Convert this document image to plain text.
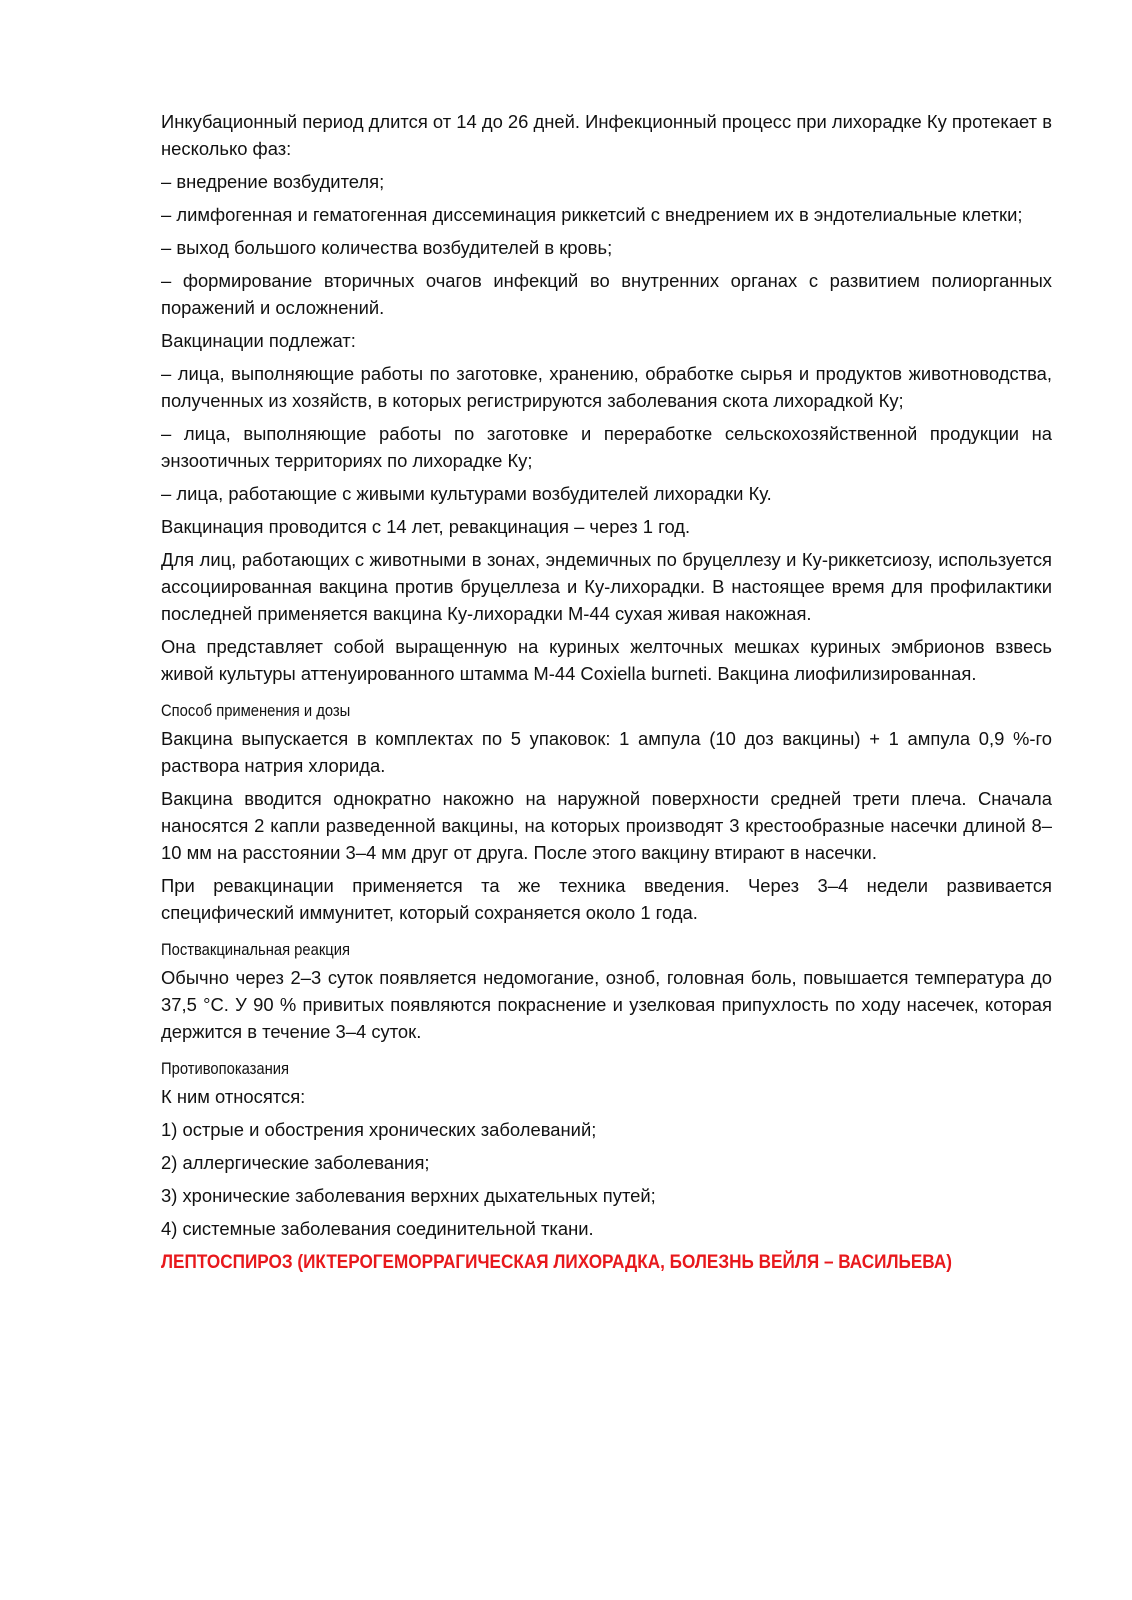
Инкубационный период длится от 14 до 26 дней. Инфекционный процесс при лихорадке Ку протекает в несколько фаз:

– внедрение возбудителя;

– лимфогенная и гематогенная диссеминация риккетсий с внедрением их в эндотелиальные клетки;

– выход большого количества возбудителей в кровь;

– формирование вторичных очагов инфекций во внутренних органах с развитием полиорганных поражений и осложнений.

Вакцинации подлежат:

– лица, выполняющие работы по заготовке, хранению, обработке сырья и продуктов животноводства, полученных из хозяйств, в которых регистрируются заболевания скота лихорадкой Ку;

– лица, выполняющие работы по заготовке и переработке сельскохозяйственной продукции на энзоотичных территориях по лихорадке Ку;

– лица, работающие с живыми культурами возбудителей лихорадки Ку.

Вакцинация проводится с 14 лет, ревакцинация – через 1 год.

Для лиц, работающих с животными в зонах, эндемичных по бруцеллезу и Ку-риккетсиозу, используется ассоциированная вакцина против бруцеллеза и Ку-лихорадки. В настоящее время для профилактики последней применяется вакцина Ку-лихорадки М-44 сухая живая накожная.

Она представляет собой выращенную на куриных желточных мешках куриных эмбрионов взвесь живой культуры аттенуированного штамма М-44 Coxiella burneti. Вакцина лиофилизированная.

Способ применения и дозы

Вакцина выпускается в комплектах по 5 упаковок: 1 ампула (10 доз вакцины) + 1 ампула 0,9 %-го раствора натрия хлорида.

Вакцина вводится однократно накожно на наружной поверхности средней трети плеча. Сначала наносятся 2 капли разведенной вакцины, на которых производят 3 крестообразные насечки длиной 8–10 мм на расстоянии 3–4 мм друг от друга. После этого вакцину втирают в насечки.

При ревакцинации применяется та же техника введения. Через 3–4 недели развивается специфический иммунитет, который сохраняется около 1 года.

Поствакцинальная реакция

Обычно через 2–3 суток появляется недомогание, озноб, головная боль, повышается температура до 37,5 °С. У 90 % привитых появляются покраснение и узелковая припухлость по ходу насечек, которая держится в течение 3–4 суток.

Противопоказания

К ним относятся:

1) острые и обострения хронических заболеваний;

2) аллергические заболевания;

3) хронические заболевания верхних дыхательных путей;

4) системные заболевания соединительной ткани.

ЛЕПТОСПИРОЗ (ИКТЕРОГЕМОРРАГИЧЕСКАЯ ЛИХОРАДКА, БОЛЕЗНЬ ВЕЙЛЯ – ВАСИЛЬЕВА)
